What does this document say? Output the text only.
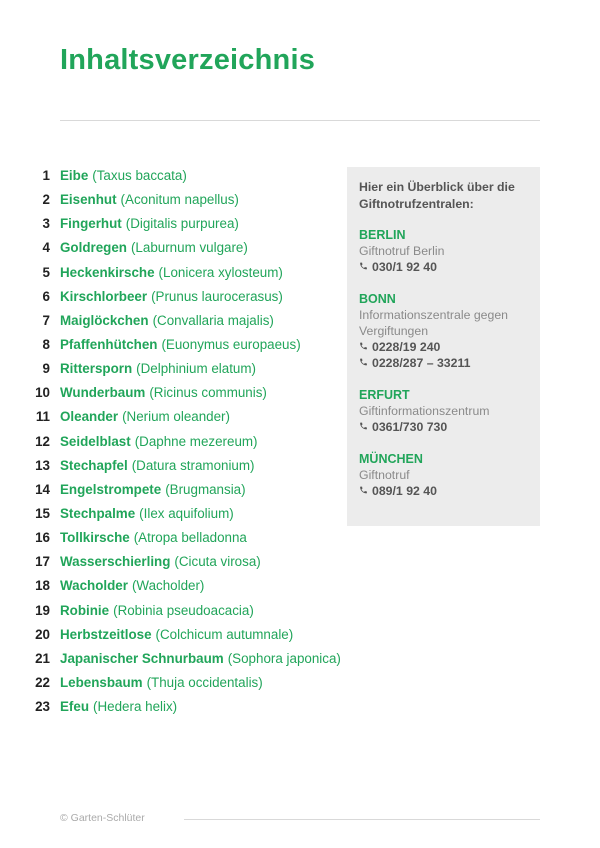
Inhaltsverzeichnis
1 Eibe (Taxus baccata)
2 Eisenhut (Aconitum napellus)
3 Fingerhut (Digitalis purpurea)
4 Goldregen (Laburnum vulgare)
5 Heckenkirsche (Lonicera xylosteum)
6 Kirschlorbeer (Prunus laurocerasus)
7 Maiglöckchen (Convallaria majalis)
8 Pfaffenhütchen (Euonymus europaeus)
9 Rittersporn (Delphinium elatum)
10 Wunderbaum (Ricinus communis)
11 Oleander (Nerium oleander)
12 Seidelblast (Daphne mezereum)
13 Stechapfel (Datura stramonium)
14 Engelstrompete (Brugmansia)
15 Stechpalme (Ilex aquifolium)
16 Tollkirsche (Atropa belladonna
17 Wasserschierling (Cicuta virosa)
18 Wacholder (Wacholder)
19 Robinie (Robinia pseudoacacia)
20 Herbstzeitlose (Colchicum autumnale)
21 Japanischer Schnurbaum (Sophora japonica)
22 Lebensbaum (Thuja occidentalis)
23 Efeu (Hedera helix)

Hier ein Überblick über die Giftnotrufzentralen:

BERLIN
Giftnotruf Berlin
030/1 92 40
BONN
Informationszentrale gegen Vergiftungen
0228/19 240
0228/287 – 33211
ERFURT
Giftinformationszentrum
0361/730 730
MÜNCHEN
Giftnotruf
089/1 92 40
© Garten-Schlüter
